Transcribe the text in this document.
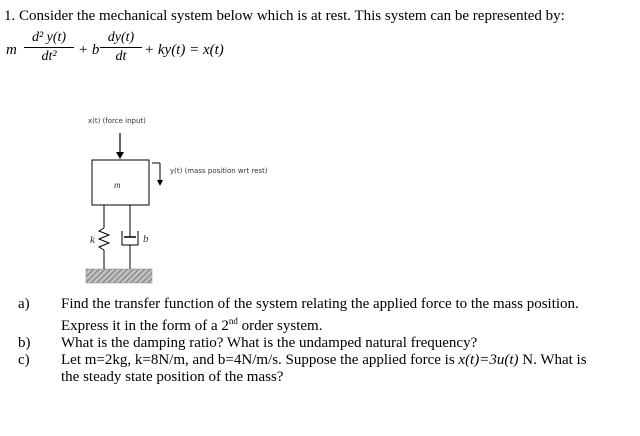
1. Consider the mechanical system below which is at rest. This system can be represented by:
m
d² y(t)
dt²	+ b
dy(t)
dt	+ ky(t) = x(t)
x(t) (force input)
y(t) (mass position wrt rest)
m
k	b
a) Find the transfer function of the system relating the applied force to the mass position.
Express it in the form of a 2nd order system.
b) What is the damping ratio? What is the undamped natural frequency?
c) Let m=2kg, k=8N/m, and b=4N/m/s. Suppose the applied force is x(t)=3u(t) N. What is
the steady state position of the mass?
